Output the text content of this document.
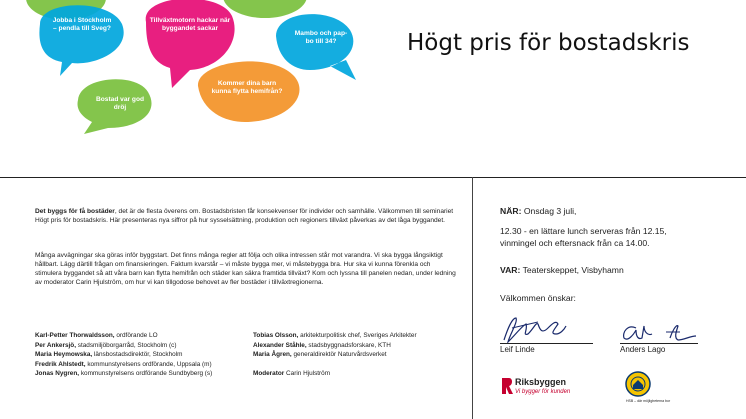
Jobba i Stockholm
– pendla till Sveg?
Tillväxtmotorn hackar när
byggandet sackar
Mambo och pap-
bo till 34?
Kommer dina barn
kunna flytta hemifrån?
Bostad var god
dröj
Högt pris för bostadskris

Det byggs för få bostäder, det är de flesta överens om. Bostadsbristen får konsekvenser för individer och samhälle. Välkommen till seminariet Högt pris för bostadskris. Här presenteras nya siffror på hur sysselsättning, produktion och regioners tillväxt påverkas av det låga byggandet.

Många avvägningar ska göras inför byggstart. Det finns många regler att följa och olika intressen står mot varandra. Vi ska bygga långsiktigt hållbart. Lägg därtill frågan om finansieringen. Faktum kvarstår – vi måste bygga mer, vi måstebygga bra. Hur ska vi kunna förenkla och stimulera byggandet så att våra barn kan flytta hemifrån och städer kan säkra framtida tillväxt? Kom och lyssna till panelen nedan, under ledning av moderator Carin Hjulström, om hur vi kan tillgodose behovet av fler bostäder i tillväxtregionerna.

Karl-Petter Thorwaldsson, ordförande LO
Per Ankersjö, stadsmiljöborgarråd, Stockholm (c)
Maria Heymowska, länsbostadsdirektör, Stockholm
Fredrik Ahlstedt, kommunstyrelsens ordförande, Uppsala (m)
Jonas Nygren, kommunstyrelsens ordförande Sundbyberg (s)
Tobias Olsson, arkitekturpolitisk chef, Sveriges Arkitekter
Alexander Ståhle, stadsbyggnadsforskare, KTH
Maria Ågren, generaldirektör Naturvårdsverket

Moderator Carin Hjulström
NÄR: Onsdag 3 juli,
12.30 - en lättare lunch serveras från 12.15,
vinmingel och eftersnack från ca 14.00.
VAR: Teaterskeppet, Visbyhamn
Välkommen önskar:
Leif Linde	Anders Lago
Riksbyggen
Vi bygger för kunden
HSB – där möjligheterna bor
